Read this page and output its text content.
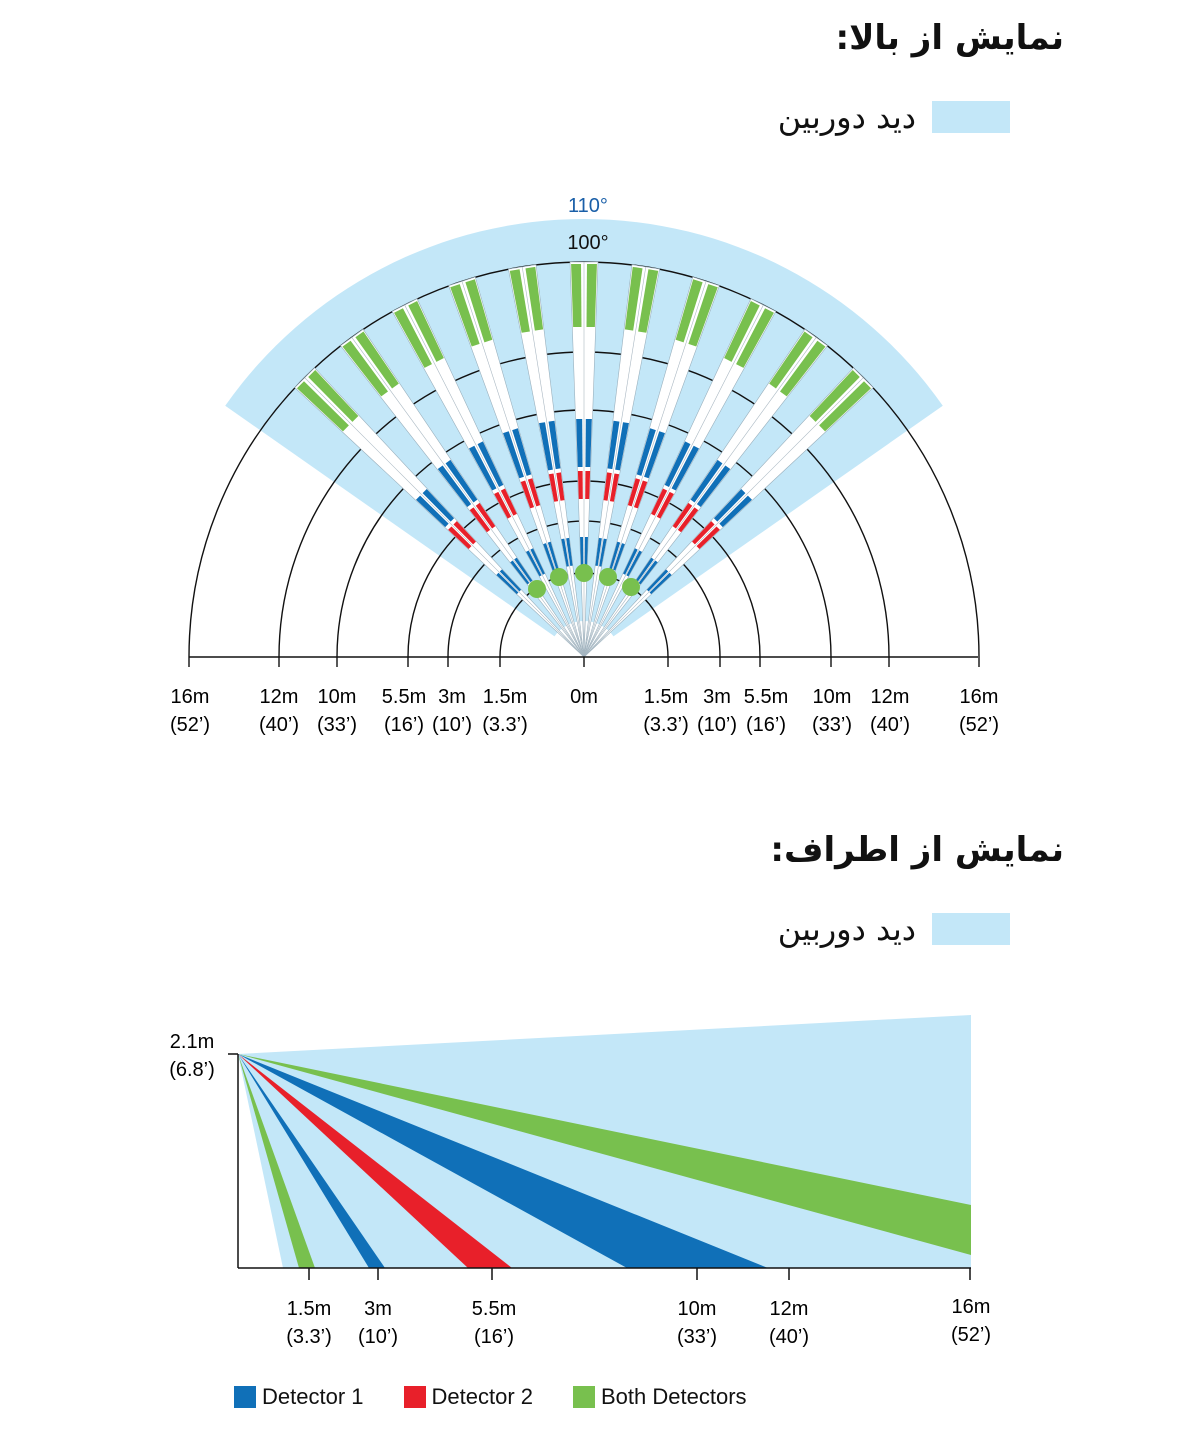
نمایش از بالا:
دید دوربین
110°
100°
16m
(52’)
12m
(40’)
10m
(33’)
5.5m
(16’)
3m
(10’)
1.5m
(3.3’)
0m 1.5m
(3.3’)
3m
(10’)
5.5m
(16’)
10m
(33’)
12m
(40’)
16m
(52’)
نمایش از اطراف:
دید دوربین
2.1m
(6.8’)
1.5m
(3.3’)
3m
(10’)
5.5m
(16’)
10m
(33’)
12m
(40’)
16m
(52’)
Detector 1	Detector 2	Both Detectors
